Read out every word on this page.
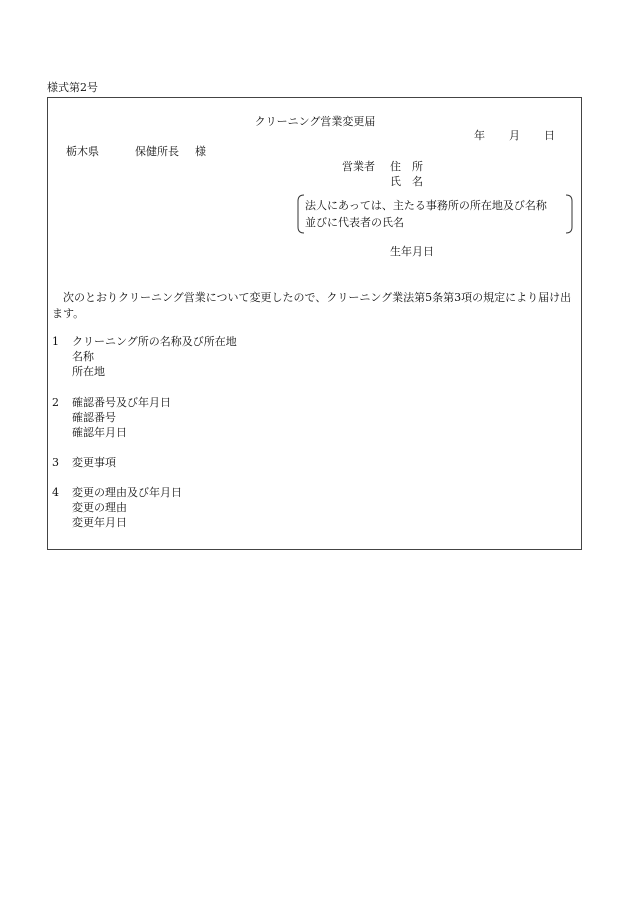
様式第2号
クリーニング営業変更届
年 月 日
栃木県	保健所長 様
営業者 住　所
氏　名
法人にあっては、主たる事務所の所在地及び名称
並びに代表者の氏名
生年月日
次のとおりクリーニング営業について変更したので、クリーニング業法第5条第3項の規定により届け出ます。
1 クリーニング所の名称及び所在地
名称
所在地
2 確認番号及び年月日
確認番号
確認年月日
3 変更事項
4 変更の理由及び年月日
変更の理由
変更年月日
